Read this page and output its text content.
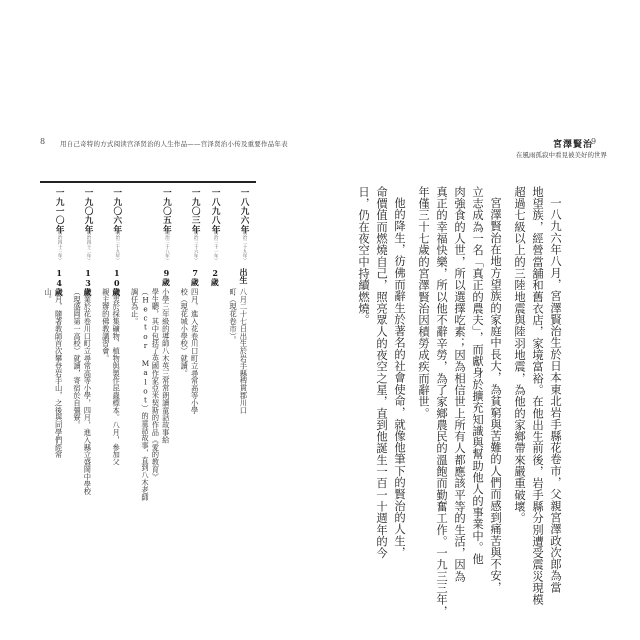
8 用自己奇特的方式阅读宫泽贤治的人生作品——宫泽贤治小传及重要作品年表
一八九六年
（明治二十九年）
出生
八月二十七日出生於岩手縣稗貫郡川口
町（現花卷市）。
一八九八年
（明治三十一年）
2歲
一九〇三年
（明治三十六年）
7歲
四月，進入花卷川口町立尋常高等小學
校（現花城小學校）就讀。
一九〇五年
（明治三十八年）
9歲
小學三年級的導師八木英三常常朗讀童話故事給
學生聽，其中包括了英國作家亞米契斯的作品《愛的教育》
（Hector Malot）的童話故事，直到八木老師
調任為止。
一九〇六年
（明治三十九年）
10歲
熱衷於採集礦物、植物與製作昆蟲標本。八月，參加父
親主辦的佛教講習會。
一九〇九年
（明治四十二年）
13歲
畢業於花卷川口町立尋常高等小學，四月，進入縣立盛岡中學校
（現盛岡第一高校）就讀，寄宿於自彊寮。
一九一〇年
（明治四十三年）
14歲
六月，隨著教師首次攀登岩手山，之後與同學們經常
山。
9
宮澤賢治
在風雨孤寂中看見被美好的世界
一八九六年八月，宮澤賢治生於日本東北岩手縣花卷市，父親宮澤政次郎為當
地望族，經營當舖和舊衣店，家境富裕。在他出生前後，岩手縣分別遭受震災現模
超過七級以上的三陸地震與陸羽地震，為他的家鄉帶來嚴重破壞。
宮澤賢治在地方望族的家庭中長大，為貧窮與苦難的人們而感到痛苦與不安，
立志成為一名「真正的農夫」，而獻身於擴充知識與幫助他人的事業中。他
肉強食的人世，所以選擇吃素；因為相信世上所有人都應該平等的生活，因為
真正的幸福快樂，所以他不辭辛勞，為了家鄉農民的溫飽而勤奮工作。一九三三年，
年僅三十七歲的宮澤賢治因積勞成疾而辭世。
他的降生，彷佛而辭生於著名的社會使命，就像他筆下的賢治的人生，
命價值而燃燒自己，照亮眾人的夜空之星，直到他誕生一百一十週年的今
日，仍在夜空中持續燃燒。
